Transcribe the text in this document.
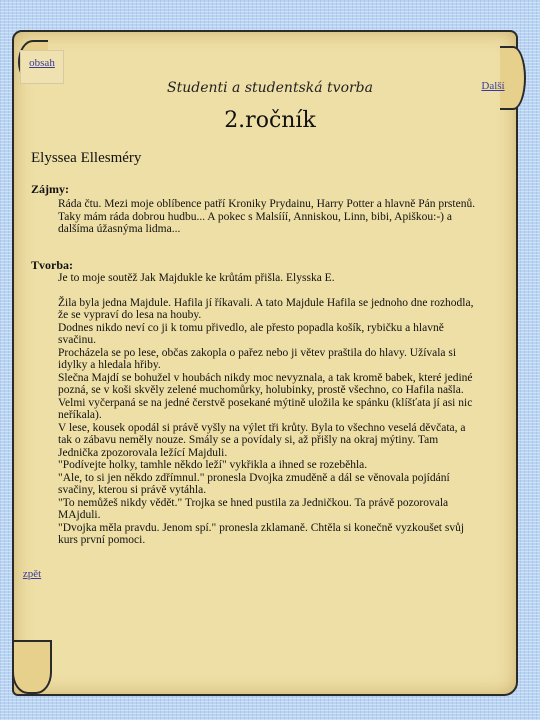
obsah
Další
zpět
Studenti a studentská tvorba
2.ročník
Elyssea Ellesméry
Zájmy:

Ráda čtu. Mezi moje oblíbence patří Kroniky Prydainu, Harry Potter a hlavně Pán prstenů. Taky mám ráda dobrou hudbu... A pokec s Malsííí, Anniskou, Linn, bibi, Apiškou:-) a dalšíma úžasnýma lidma...

Tvorba:

Je to moje soutěž Jak Majdukle ke krůtám přišla. Elysska E.

Žila byla jedna Majdule. Hafila jí říkavali. A tato Majdule Hafila se jednoho dne rozhodla, že se vypraví do lesa na houby.

Dodnes nikdo neví co ji k tomu přivedlo, ale přesto popadla košík, rybičku a hlavně svačinu.

Procházela se po lese, občas zakopla o pařez nebo ji větev praštila do hlavy. Užívala si idylky a hledala hřiby.

Slečna Majdí se bohužel v houbách nikdy moc nevyznala, a tak kromě babek, které jediné pozná, se v koši skvěly zelené muchomůrky, holubinky, prostě všechno, co Hafila našla.

Velmi vyčerpaná se na jedné čerstvě posekané mýtině uložila ke spánku (klíšťata jí asi nic neříkala).

V lese, kousek opodál si právě vyšly na výlet tři krůty. Byla to všechno veselá děvčata, a tak o zábavu neměly nouze. Smály se a povídaly si, až přišly na okraj mýtiny. Tam Jednička zpozorovala ležící Majduli.

"Podívejte holky, tamhle někdo leží" vykřikla a ihned se rozeběhla.

"Ale, to si jen někdo zdřímnul." pronesla Dvojka zmuděně a dál se věnovala pojídání svačiny, kterou si právě vytáhla.

"To nemůžeš nikdy vědět." Trojka se hned pustila za Jedničkou. Ta právě pozorovala MAjduli.

"Dvojka měla pravdu. Jenom spí." pronesla zklamaně. Chtěla si konečně vyzkoušet svůj kurs první pomoci.
